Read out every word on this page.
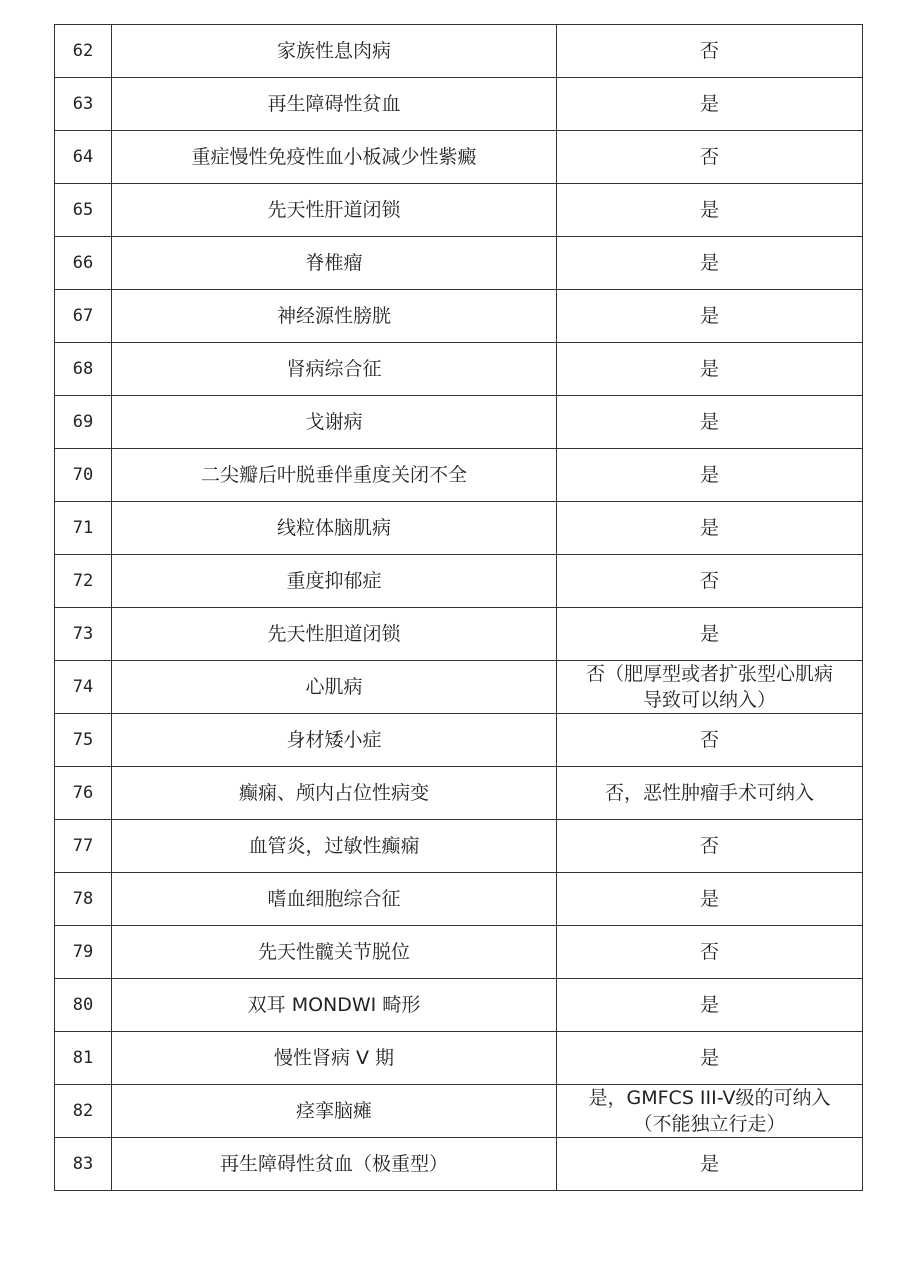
62	家族性息肉病	否
63	再生障碍性贫血	是
64	重症慢性免疫性血小板减少性紫癜	否
65	先天性肝道闭锁	是
66	脊椎瘤	是
67	神经源性膀胱	是
68	肾病综合征	是
69	戈谢病	是
70	二尖瓣后叶脱垂伴重度关闭不全	是
71	线粒体脑肌病	是
72	重度抑郁症	否
73	先天性胆道闭锁	是
74	心肌病	否（肥厚型或者扩张型心肌病
导致可以纳入）
75	身材矮小症	否
76	癫痫、颅内占位性病变	否，恶性肿瘤手术可纳入
77	血管炎，过敏性癫痫	否
78	嗜血细胞综合征	是
79	先天性髋关节脱位	否
80	双耳 MONDWI 畸形	是
81	慢性肾病 V 期	是
82	痉挛脑瘫	是，GMFCS III-V级的可纳入
（不能独立行走）
83	再生障碍性贫血（极重型）	是
